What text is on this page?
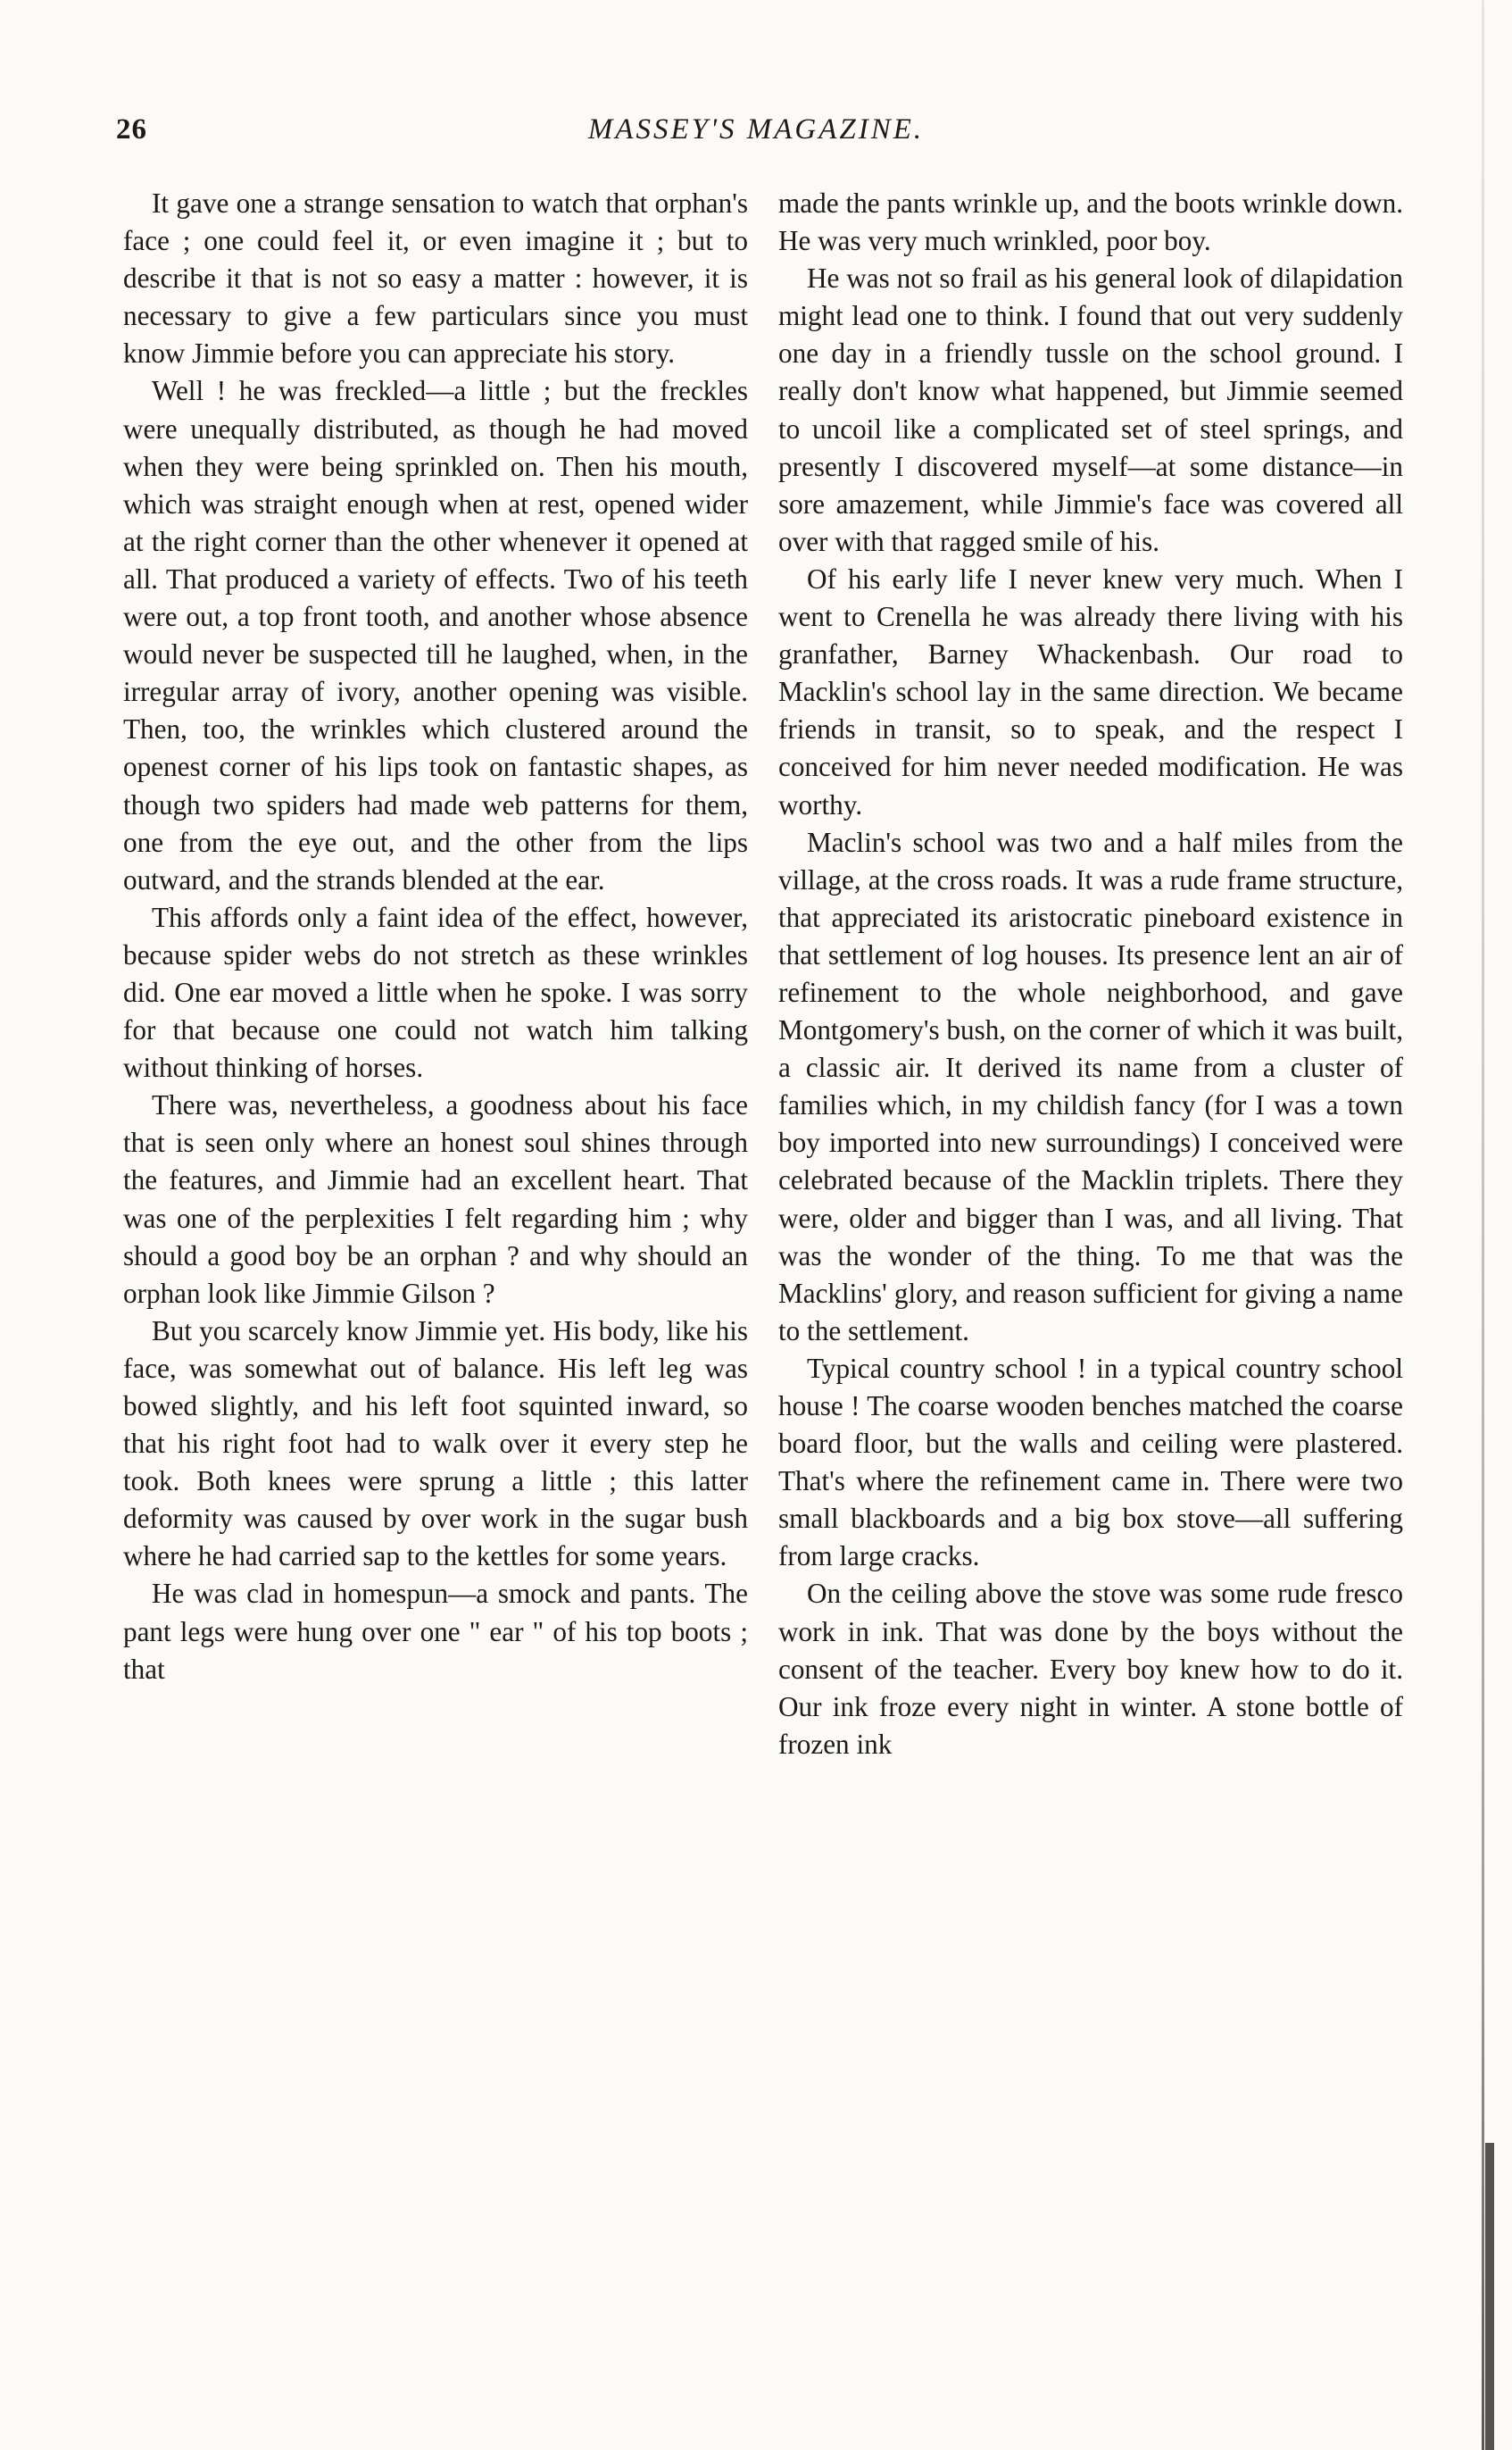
26	MASSEY'S MAGAZINE.

It gave one a strange sensation to watch that orphan's face ; one could feel it, or even imagine it ; but to describe it that is not so easy a matter : however, it is necessary to give a few particulars since you must know Jimmie before you can appreciate his story.

Well ! he was freckled—a little ; but the freckles were unequally distributed, as though he had moved when they were being sprinkled on. Then his mouth, which was straight enough when at rest, opened wider at the right corner than the other whenever it opened at all. That produced a variety of effects. Two of his teeth were out, a top front tooth, and another whose absence would never be suspected till he laughed, when, in the irregular array of ivory, another opening was visible. Then, too, the wrinkles which clustered around the openest corner of his lips took on fantastic shapes, as though two spiders had made web patterns for them, one from the eye out, and the other from the lips outward, and the strands blended at the ear.

This affords only a faint idea of the effect, however, because spider webs do not stretch as these wrinkles did. One ear moved a little when he spoke. I was sorry for that because one could not watch him talking without thinking of horses.

There was, nevertheless, a goodness about his face that is seen only where an honest soul shines through the features, and Jimmie had an excellent heart. That was one of the perplexities I felt regarding him ; why should a good boy be an orphan ? and why should an orphan look like Jimmie Gilson ?

But you scarcely know Jimmie yet. His body, like his face, was somewhat out of balance. His left leg was bowed slightly, and his left foot squinted inward, so that his right foot had to walk over it every step he took. Both knees were sprung a little ; this latter deformity was caused by over work in the sugar bush where he had carried sap to the kettles for some years.

He was clad in homespun—a smock and pants. The pant legs were hung over one " ear " of his top boots ; that

made the pants wrinkle up, and the boots wrinkle down. He was very much wrinkled, poor boy.

He was not so frail as his general look of dilapidation might lead one to think. I found that out very suddenly one day in a friendly tussle on the school ground. I really don't know what happened, but Jimmie seemed to uncoil like a complicated set of steel springs, and presently I discovered myself—at some distance—in sore amazement, while Jimmie's face was covered all over with that ragged smile of his.

Of his early life I never knew very much. When I went to Crenella he was already there living with his granfather, Barney Whackenbash. Our road to Macklin's school lay in the same direction. We became friends in transit, so to speak, and the respect I conceived for him never needed modification. He was worthy.

Maclin's school was two and a half miles from the village, at the cross roads. It was a rude frame structure, that appreciated its aristocratic pineboard existence in that settlement of log houses. Its presence lent an air of refinement to the whole neighborhood, and gave Montgomery's bush, on the corner of which it was built, a classic air. It derived its name from a cluster of families which, in my childish fancy (for I was a town boy imported into new surroundings) I conceived were celebrated because of the Macklin triplets. There they were, older and bigger than I was, and all living. That was the wonder of the thing. To me that was the Macklins' glory, and reason sufficient for giving a name to the settlement.

Typical country school ! in a typical country school house ! The coarse wooden benches matched the coarse board floor, but the walls and ceiling were plastered. That's where the refinement came in. There were two small blackboards and a big box stove—all suffering from large cracks.

On the ceiling above the stove was some rude fresco work in ink. That was done by the boys without the consent of the teacher. Every boy knew how to do it. Our ink froze every night in winter. A stone bottle of frozen ink
